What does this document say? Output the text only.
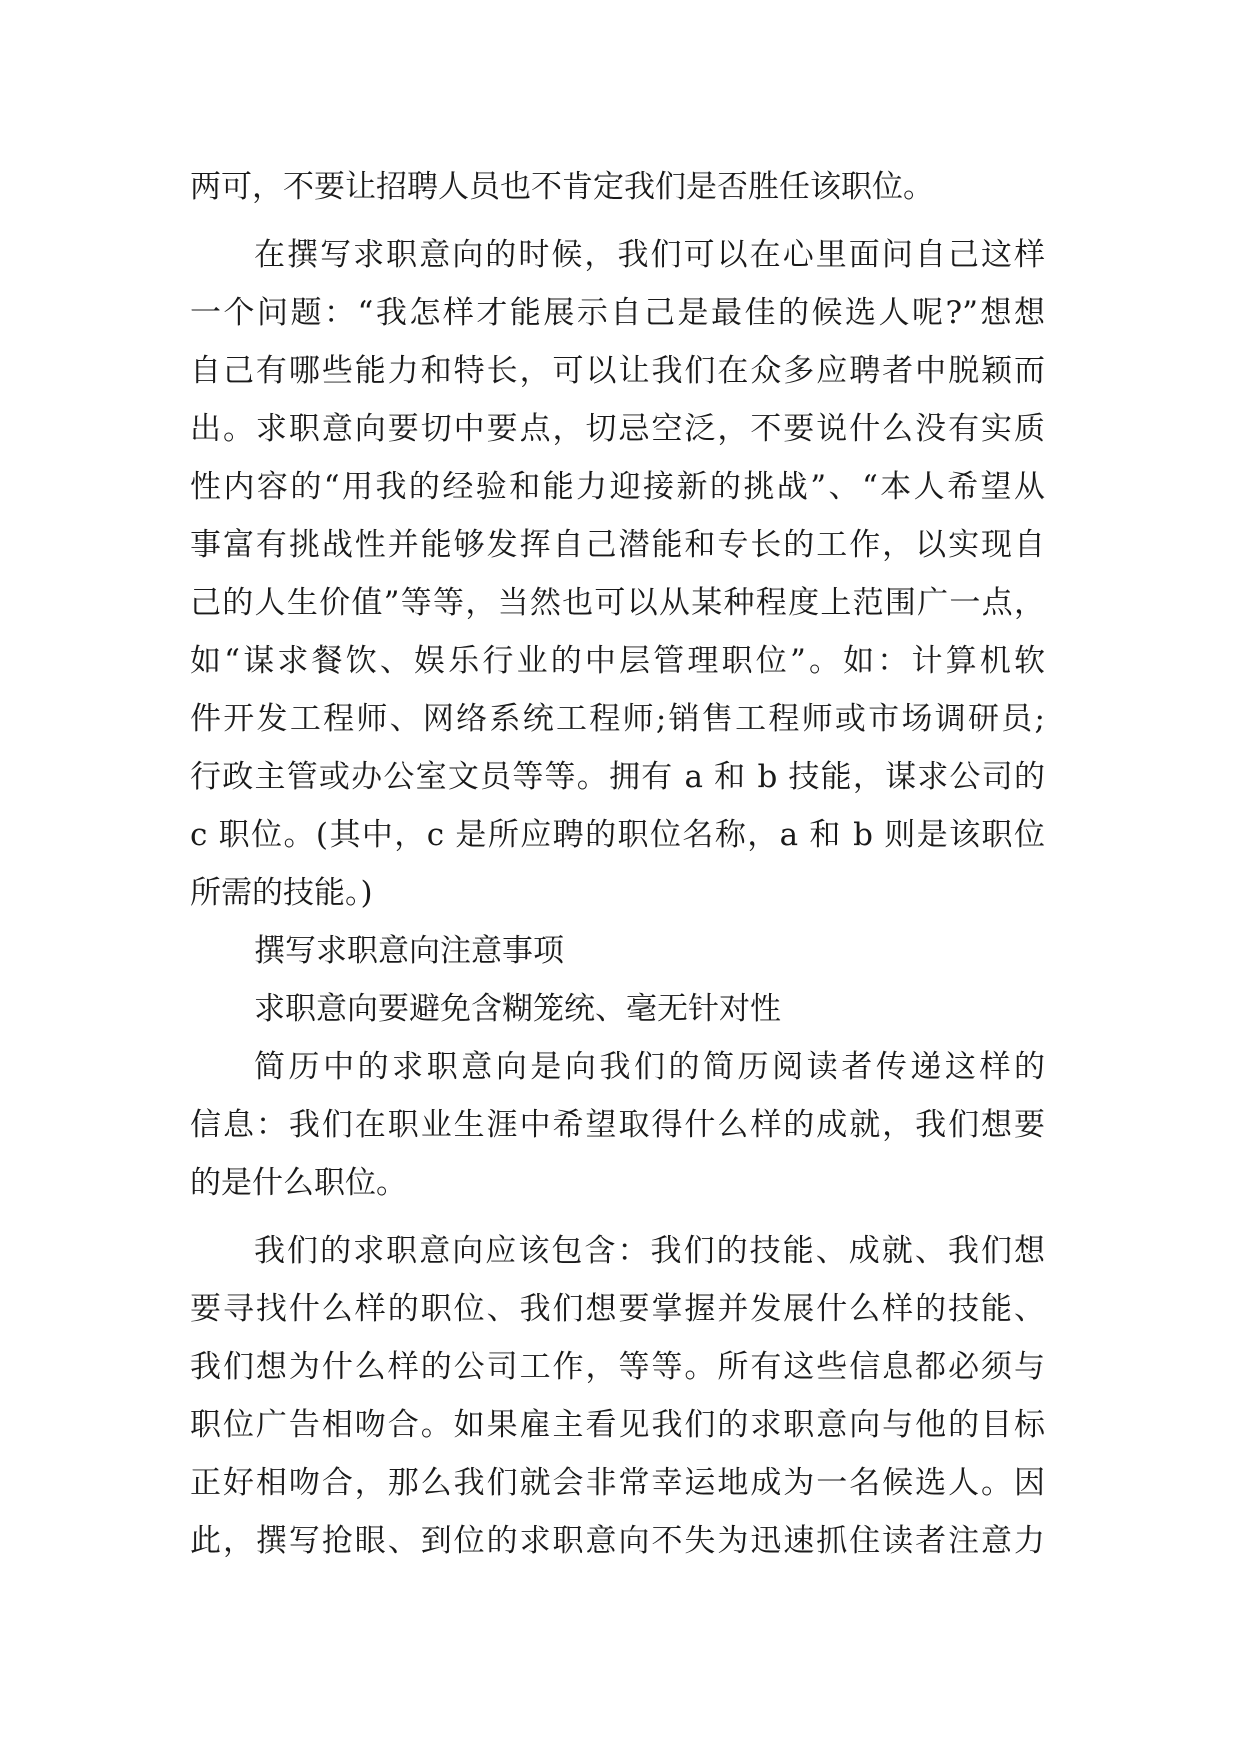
两可，不要让招聘人员也不肯定我们是否胜任该职位。
在撰写求职意向的时候，我们可以在心里面问自己这样
一个问题：“我怎样才能展示自己是最佳的候选人呢?”想想
自己有哪些能力和特长，可以让我们在众多应聘者中脱颖而
出。求职意向要切中要点，切忌空泛，不要说什么没有实质
性内容的“用我的经验和能力迎接新的挑战”、“本人希望从
事富有挑战性并能够发挥自己潜能和专长的工作，以实现自
己的人生价值”等等，当然也可以从某种程度上范围广一点，
如“谋求餐饮、娱乐行业的中层管理职位”。如：计算机软
件开发工程师、网络系统工程师;销售工程师或市场调研员;
行政主管或办公室文员等等。拥有 a 和 b 技能，谋求公司的
c 职位。(其中，c 是所应聘的职位名称，a 和 b 则是该职位
所需的技能。)
撰写求职意向注意事项
求职意向要避免含糊笼统、毫无针对性
简历中的求职意向是向我们的简历阅读者传递这样的
信息：我们在职业生涯中希望取得什么样的成就，我们想要
的是什么职位。
我们的求职意向应该包含：我们的技能、成就、我们想
要寻找什么样的职位、我们想要掌握并发展什么样的技能、
我们想为什么样的公司工作，等等。所有这些信息都必须与
职位广告相吻合。如果雇主看见我们的求职意向与他的目标
正好相吻合，那么我们就会非常幸运地成为一名候选人。因
此，撰写抢眼、到位的求职意向不失为迅速抓住读者注意力
